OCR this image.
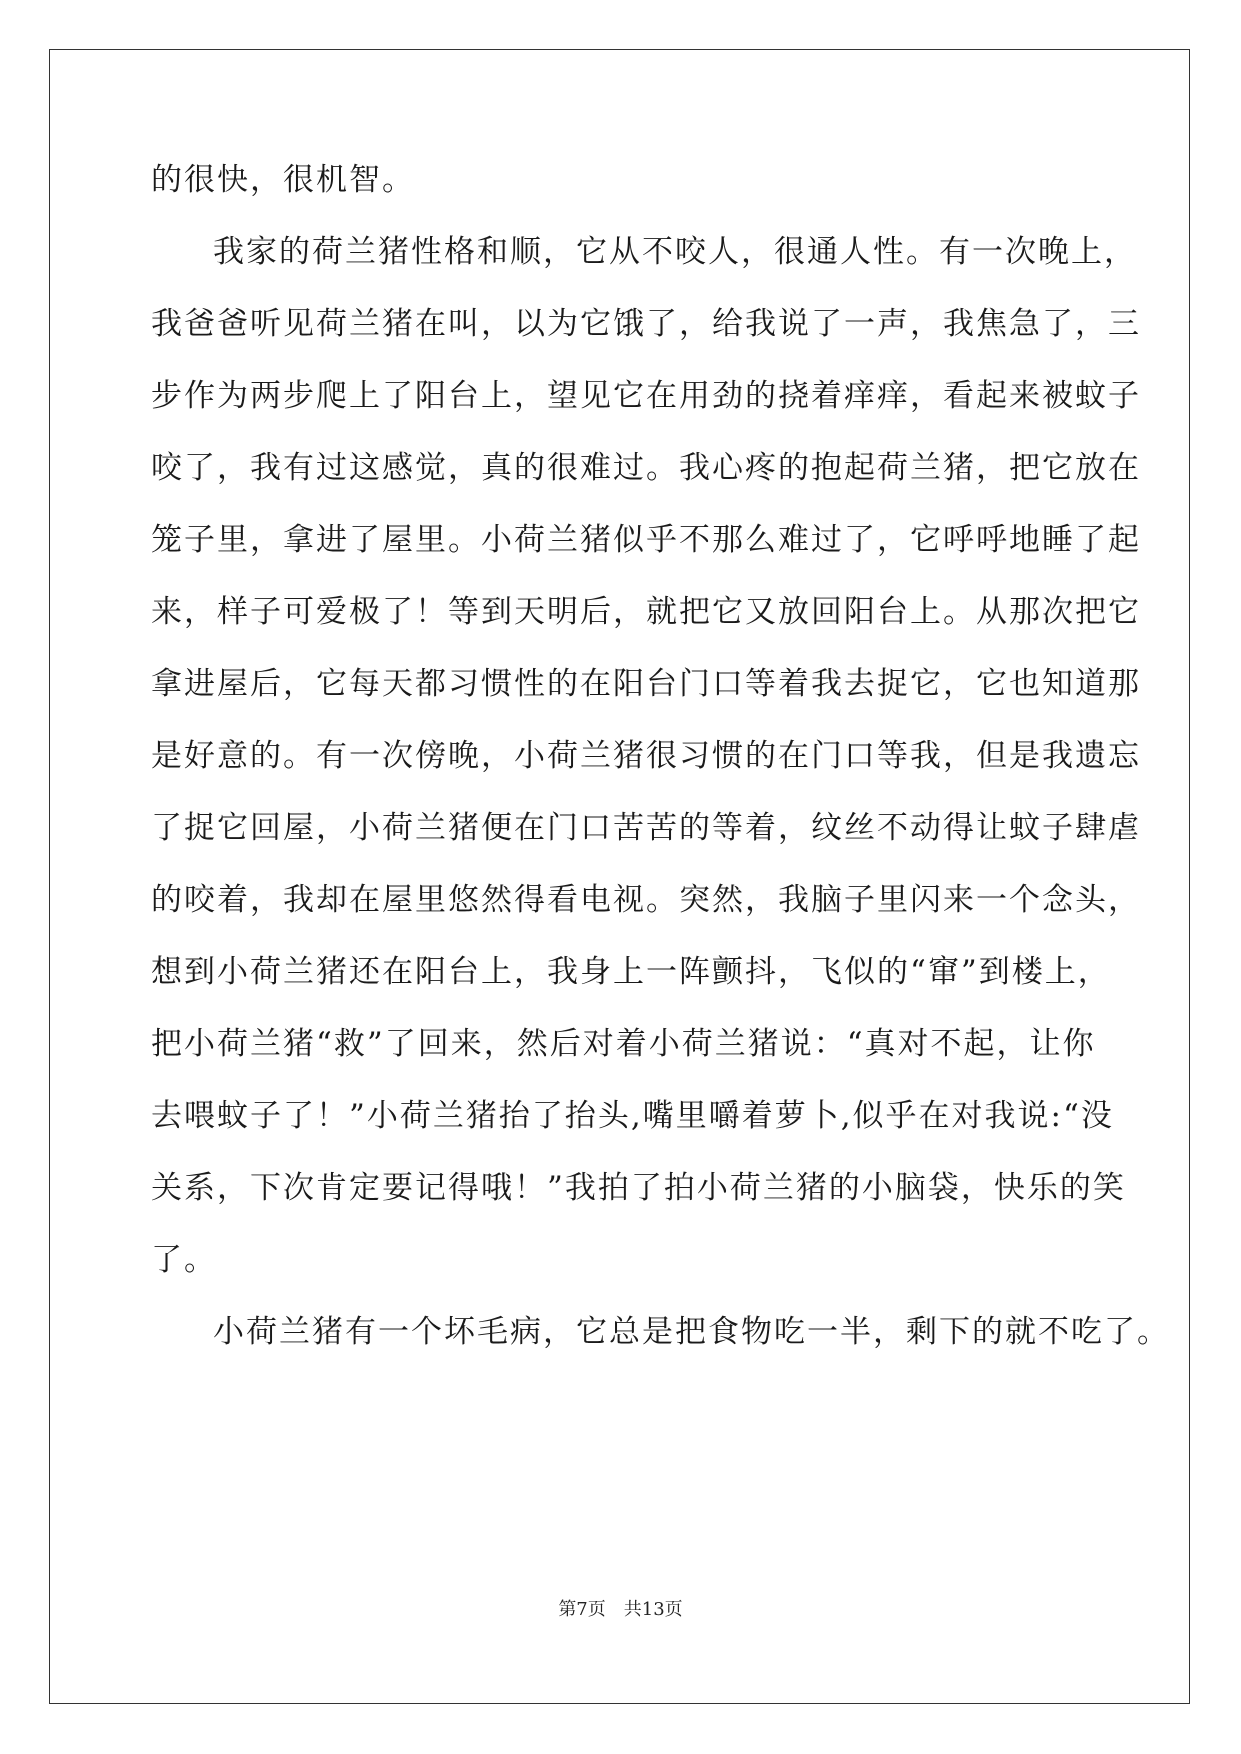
的很快，很机智。
我家的荷兰猪性格和顺，它从不咬人，很通人性。有一次晚上，
我爸爸听见荷兰猪在叫，以为它饿了，给我说了一声，我焦急了，三
步作为两步爬上了阳台上，望见它在用劲的挠着痒痒，看起来被蚊子
咬了，我有过这感觉，真的很难过。我心疼的抱起荷兰猪，把它放在
笼子里，拿进了屋里。小荷兰猪似乎不那么难过了，它呼呼地睡了起
来，样子可爱极了！等到天明后，就把它又放回阳台上。从那次把它
拿进屋后，它每天都习惯性的在阳台门口等着我去捉它，它也知道那
是好意的。有一次傍晚，小荷兰猪很习惯的在门口等我，但是我遗忘
了捉它回屋，小荷兰猪便在门口苦苦的等着，纹丝不动得让蚊子肆虐
的咬着，我却在屋里悠然得看电视。突然，我脑子里闪来一个念头，
想到小荷兰猪还在阳台上，我身上一阵颤抖，飞似的“窜”到楼上，
把小荷兰猪“救”了回来，然后对着小荷兰猪说：“真对不起，让你
去喂蚊子了！”小荷兰猪抬了抬头,嘴里嚼着萝卜,似乎在对我说:“没
关系，下次肯定要记得哦！”我拍了拍小荷兰猪的小脑袋，快乐的笑
了。
小荷兰猪有一个坏毛病，它总是把食物吃一半，剩下的就不吃了。
第7页　共13页
